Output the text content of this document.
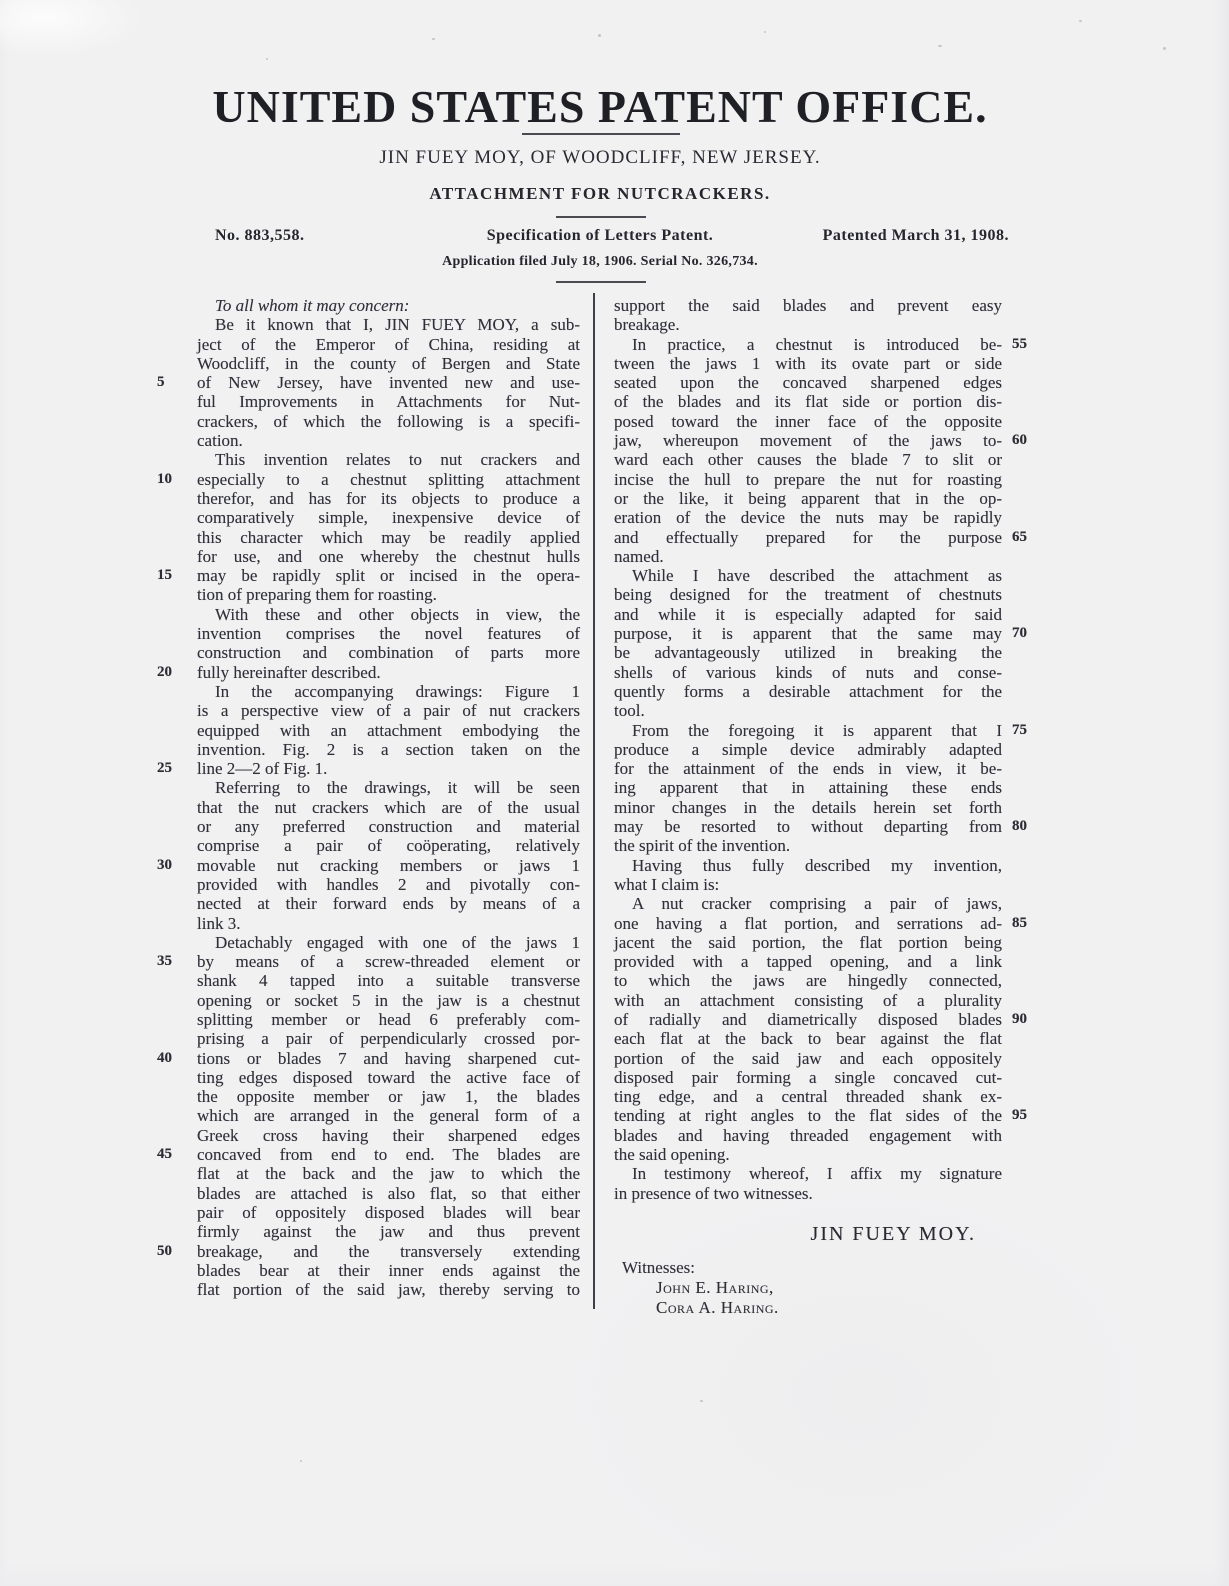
UNITED STATES PATENT OFFICE.
JIN FUEY MOY, OF WOODCLIFF, NEW JERSEY.
ATTACHMENT FOR NUTCRACKERS.
No. 883,558.	Specification of Letters Patent.	Patented March 31, 1908.
Application filed July 18, 1906. Serial No. 326,734.
To all whom it may concern:
Be it known that I, JIN FUEY MOY, a sub-
ject of the Emperor of China, residing at
Woodcliff, in the county of Bergen and State
of New Jersey, have invented new and use-
5
ful Improvements in Attachments for Nut-
crackers, of which the following is a specifi-
cation.
This invention relates to nut crackers and
especially to a chestnut splitting attachment
10
therefor, and has for its objects to produce a
comparatively simple, inexpensive device of
this character which may be readily applied
for use, and one whereby the chestnut hulls
may be rapidly split or incised in the opera-
15
tion of preparing them for roasting.
With these and other objects in view, the
invention comprises the novel features of
construction and combination of parts more
fully hereinafter described.
20
In the accompanying drawings: Figure 1
is a perspective view of a pair of nut crackers
equipped with an attachment embodying the
invention. Fig. 2 is a section taken on the
line 2—2 of Fig. 1.
25
Referring to the drawings, it will be seen
that the nut crackers which are of the usual
or any preferred construction and material
comprise a pair of coöperating, relatively
movable nut cracking members or jaws 1
30
provided with handles 2 and pivotally con-
nected at their forward ends by means of a
link 3.
Detachably engaged with one of the jaws 1
by means of a screw-threaded element or
35
shank 4 tapped into a suitable transverse
opening or socket 5 in the jaw is a chestnut
splitting member or head 6 preferably com-
prising a pair of perpendicularly crossed por-
tions or blades 7 and having sharpened cut-
40
ting edges disposed toward the active face of
the opposite member or jaw 1, the blades
which are arranged in the general form of a
Greek cross having their sharpened edges
concaved from end to end. The blades are
45
flat at the back and the jaw to which the
blades are attached is also flat, so that either
pair of oppositely disposed blades will bear
firmly against the jaw and thus prevent
breakage, and the transversely extending
50
blades bear at their inner ends against the
flat portion of the said jaw, thereby serving to
support the said blades and prevent easy
breakage.
In practice, a chestnut is introduced be- 55
tween the jaws 1 with its ovate part or side
seated upon the concaved sharpened edges
of the blades and its flat side or portion dis-
posed toward the inner face of the opposite
jaw, whereupon movement of the jaws to- 60
ward each other causes the blade 7 to slit or
incise the hull to prepare the nut for roasting
or the like, it being apparent that in the op-
eration of the device the nuts may be rapidly
and effectually prepared for the purpose 65
named.
While I have described the attachment as
being designed for the treatment of chestnuts
and while it is especially adapted for said
purpose, it is apparent that the same may 70
be advantageously utilized in breaking the
shells of various kinds of nuts and conse-
quently forms a desirable attachment for the
tool.
From the foregoing it is apparent that I 75
produce a simple device admirably adapted
for the attainment of the ends in view, it be-
ing apparent that in attaining these ends
minor changes in the details herein set forth
may be resorted to without departing from 80
the spirit of the invention.
Having thus fully described my invention,
what I claim is:
A nut cracker comprising a pair of jaws,
one having a flat portion, and serrations ad- 85
jacent the said portion, the flat portion being
provided with a tapped opening, and a link
to which the jaws are hingedly connected,
with an attachment consisting of a plurality
of radially and diametrically disposed blades 90
each flat at the back to bear against the flat
portion of the said jaw and each oppositely
disposed pair forming a single concaved cut-
ting edge, and a central threaded shank ex-
tending at right angles to the flat sides of the 95
blades and having threaded engagement with
the said opening.
In testimony whereof, I affix my signature
in presence of two witnesses.
JIN FUEY MOY.
Witnesses:
John E. Haring,
Cora A. Haring.
